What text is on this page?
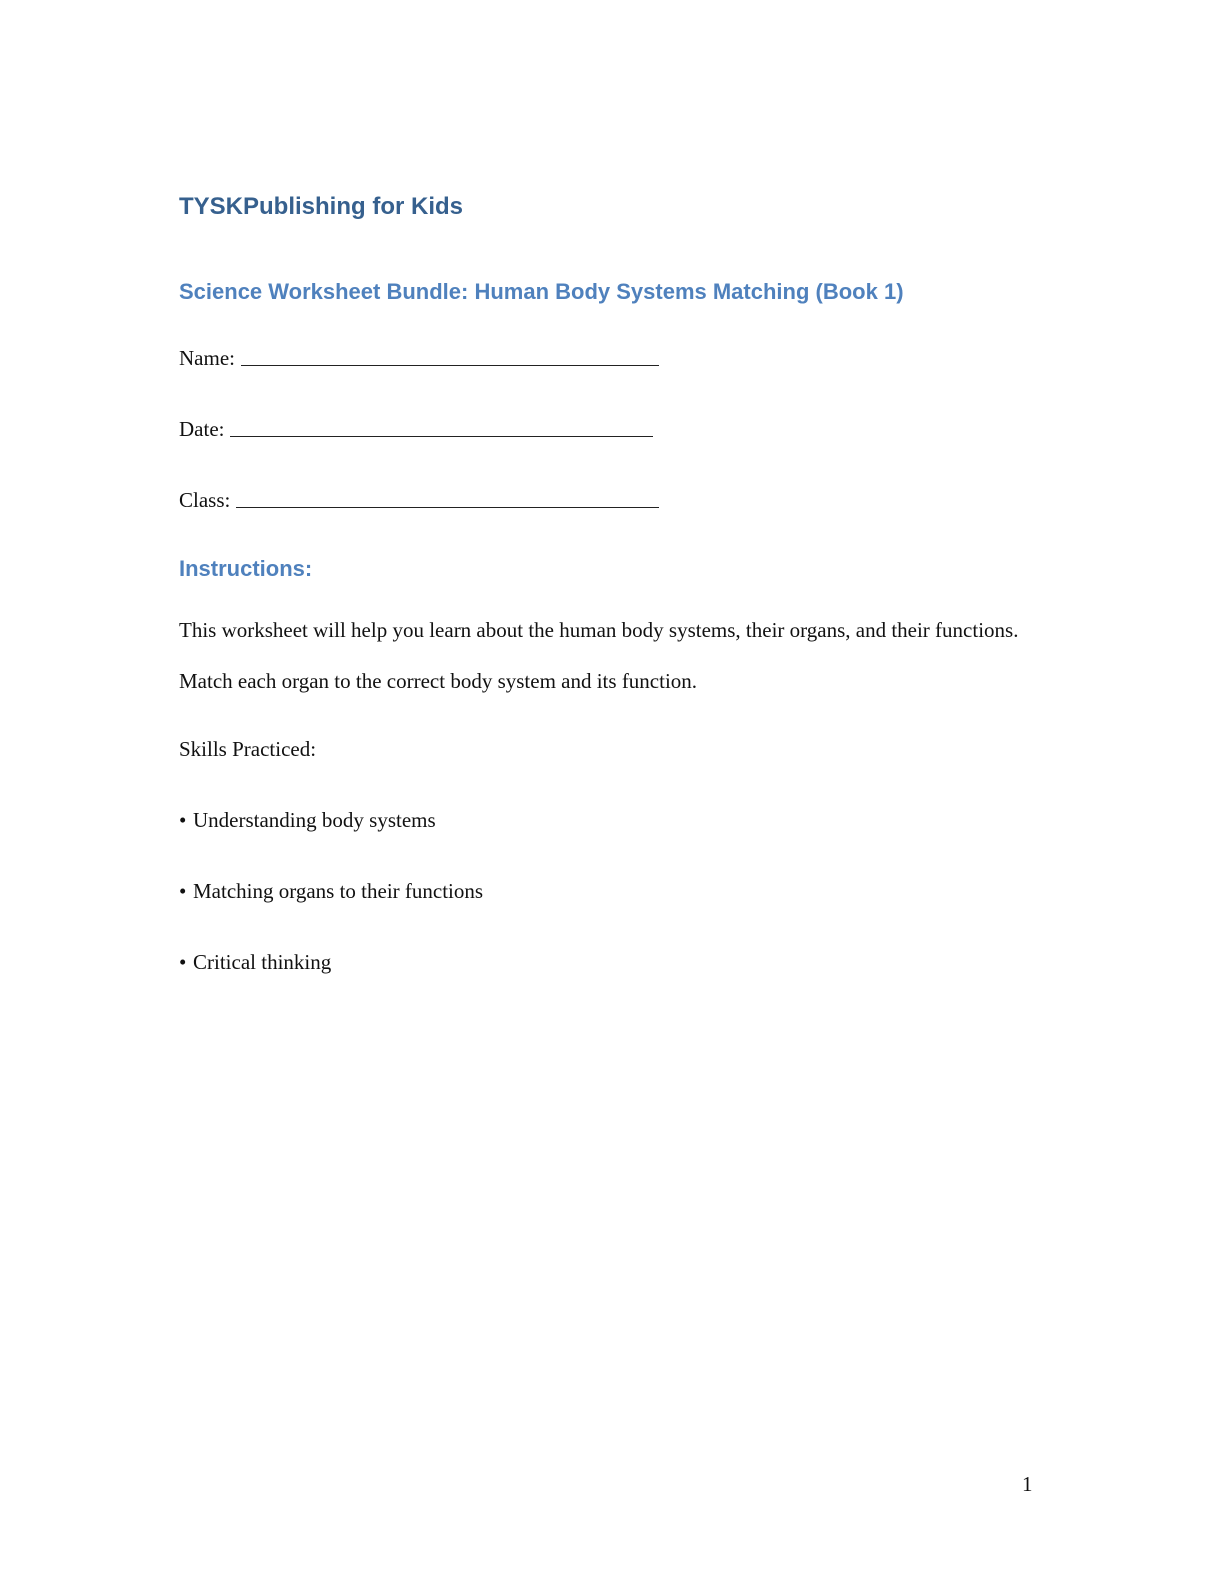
TYSKPublishing for Kids
Science Worksheet Bundle: Human Body Systems Matching (Book 1)
Name:
Date:
Class:
Instructions:

This worksheet will help you learn about the human body systems, their organs, and their functions. Match each organ to the correct body system and its function.

Skills Practiced:

• Understanding body systems

• Matching organs to their functions

• Critical thinking

1
